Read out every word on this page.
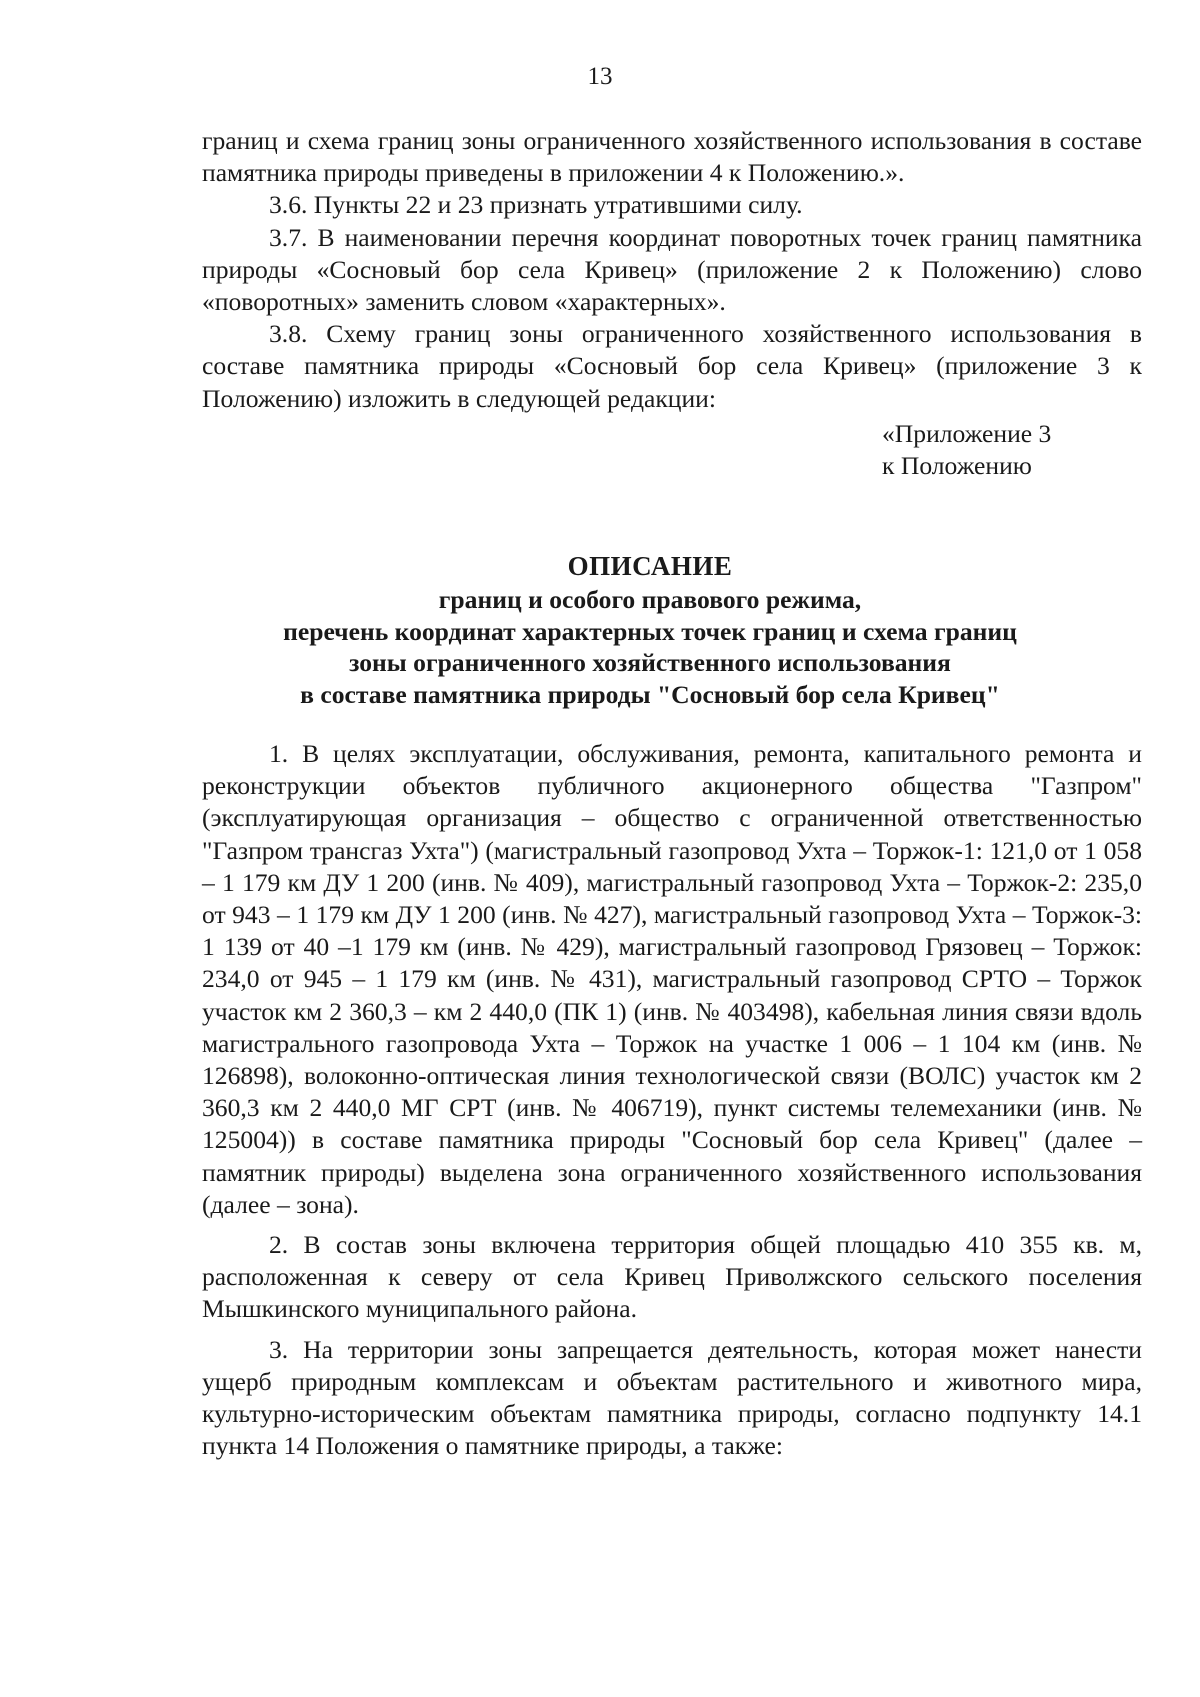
13

границ и схема границ зоны ограниченного хозяйственного использования в составе памятника природы приведены в приложении 4 к Положению.».

3.6. Пункты 22 и 23 признать утратившими силу.

3.7. В наименовании перечня координат поворотных точек границ памятника природы «Сосновый бор села Кривец» (приложение 2 к Положению) слово «поворотных» заменить словом «характерных».

3.8. Схему границ зоны ограниченного хозяйственного использования в составе памятника природы «Сосновый бор села Кривец» (приложение 3 к Положению) изложить в следующей редакции:

«Приложение 3
к Положению
ОПИСАНИЕ
границ и особого правового режима,
перечень координат характерных точек границ и схема границ
зоны ограниченного хозяйственного использования
в составе памятника природы "Сосновый бор села Кривец"

1. В целях эксплуатации, обслуживания, ремонта, капитального ремонта и реконструкции объектов публичного акционерного общества "Газпром" (эксплуатирующая организация – общество с ограниченной ответственностью "Газпром трансгаз Ухта") (магистральный газопровод Ухта – Торжок-1: 121,0 от 1 058 – 1 179 км ДУ 1 200 (инв. № 409), магистральный газопровод Ухта – Торжок-2: 235,0 от 943 – 1 179 км ДУ 1 200 (инв. № 427), магистральный газопровод Ухта – Торжок-3: 1 139 от 40 –1 179 км (инв. № 429), магистральный газопровод Грязовец – Торжок: 234,0 от 945 – 1 179 км (инв. № 431), магистральный газопровод СРТО – Торжок участок км 2 360,3 – км 2 440,0 (ПК 1) (инв. № 403498), кабельная линия связи вдоль магистрального газопровода Ухта – Торжок на участке 1 006 – 1 104 км (инв. № 126898), волоконно-оптическая линия технологической связи (ВОЛС) участок км 2 360,3 км 2 440,0 МГ СРТ (инв. № 406719), пункт системы телемеханики (инв. № 125004)) в составе памятника природы "Сосновый бор села Кривец" (далее – памятник природы) выделена зона ограниченного хозяйственного использования (далее – зона).

2. В состав зоны включена территория общей площадью 410 355 кв. м, расположенная к северу от села Кривец Приволжского сельского поселения Мышкинского муниципального района.

3. На территории зоны запрещается деятельность, которая может нанести ущерб природным комплексам и объектам растительного и животного мира, культурно-историческим объектам памятника природы, согласно подпункту 14.1 пункта 14 Положения о памятнике природы, а также:
